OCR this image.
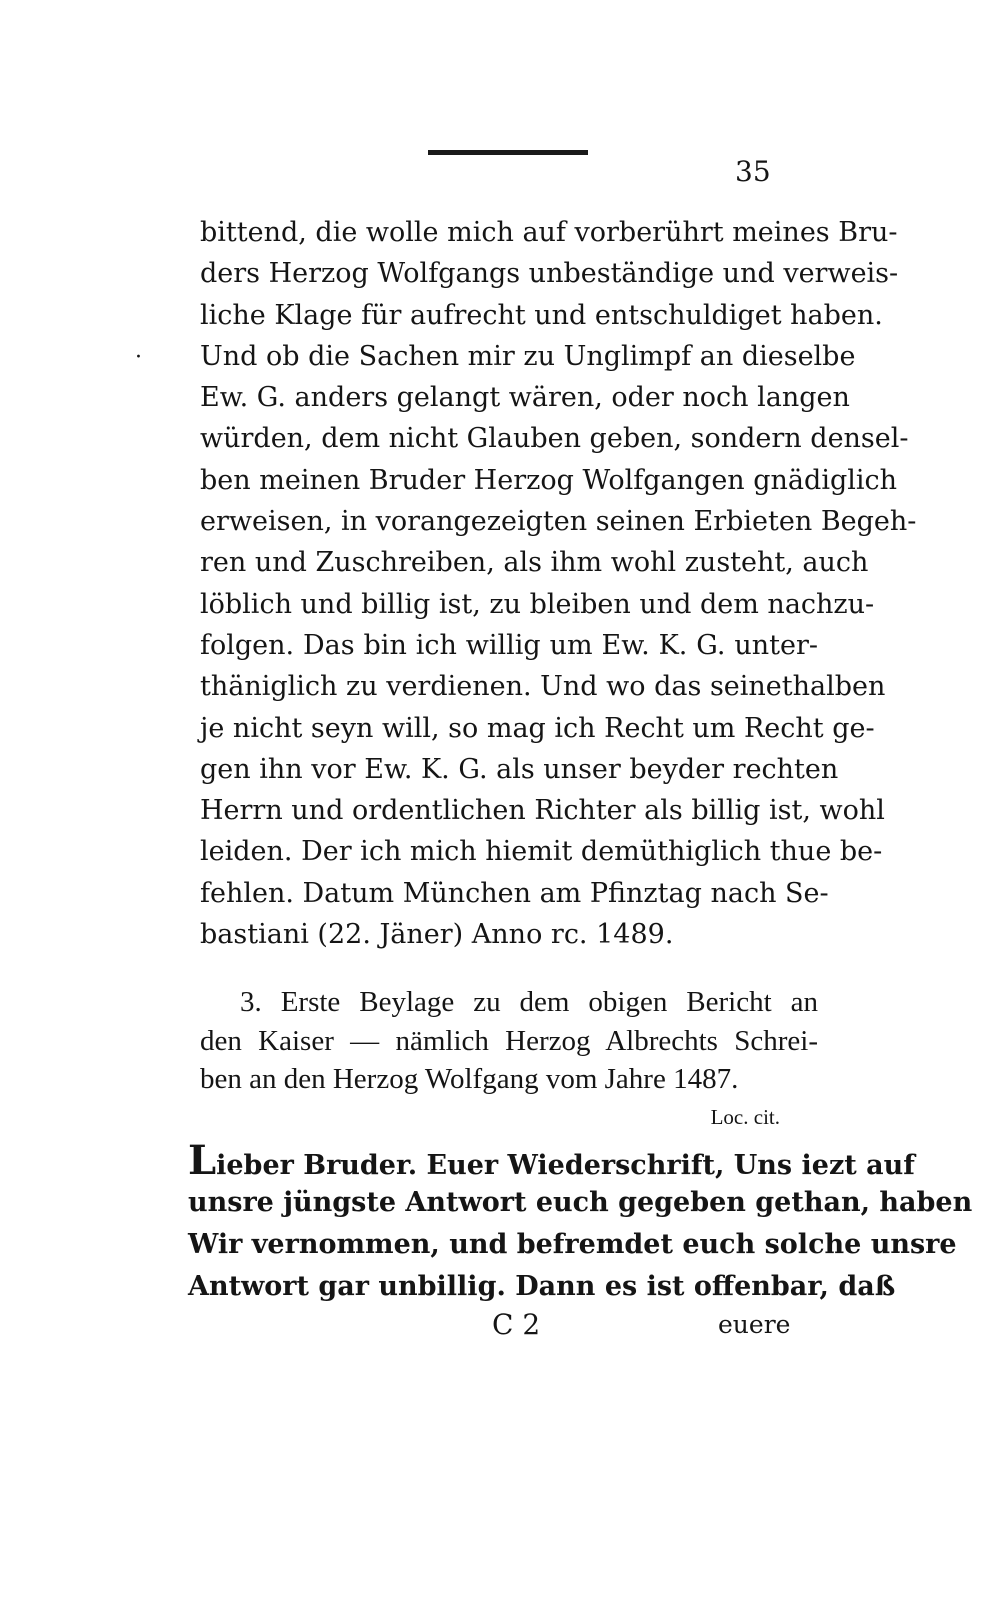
35
·
bittend, die wolle mich auf vorberührt meines Bru-
ders Herzog Wolfgangs unbeständige und verweis-
liche Klage für aufrecht und entschuldiget haben.
Und ob die Sachen mir zu Unglimpf an dieselbe
Ew. G. anders gelangt wären, oder noch langen
würden, dem nicht Glauben geben, sondern densel-
ben meinen Bruder Herzog Wolfgangen gnädiglich
erweisen, in vorangezeigten seinen Erbieten Begeh-
ren und Zuschreiben, als ihm wohl zusteht, auch
löblich und billig ist, zu bleiben und dem nachzu-
folgen. Das bin ich willig um Ew. K. G. unter-
thäniglich zu verdienen. Und wo das seinethalben
je nicht seyn will, so mag ich Recht um Recht ge-
gen ihn vor Ew. K. G. als unser beyder rechten
Herrn und ordentlichen Richter als billig ist, wohl
leiden. Der ich mich hiemit demüthiglich thue be-
fehlen. Datum München am Pfinztag nach Se-
bastiani (22. Jäner) Anno rc. 1489.
3. Erste Beylage zu dem obigen Bericht an
den Kaiser — nämlich Herzog Albrechts Schrei-
ben an den Herzog Wolfgang vom Jahre 1487.
Loc. cit.
Lieber Bruder. Euer Wiederschrift, Uns iezt auf
unsre jüngste Antwort euch gegeben gethan, haben
Wir vernommen, und befremdet euch solche unsre
Antwort gar unbillig. Dann es ist offenbar, daß
C 2	euere
